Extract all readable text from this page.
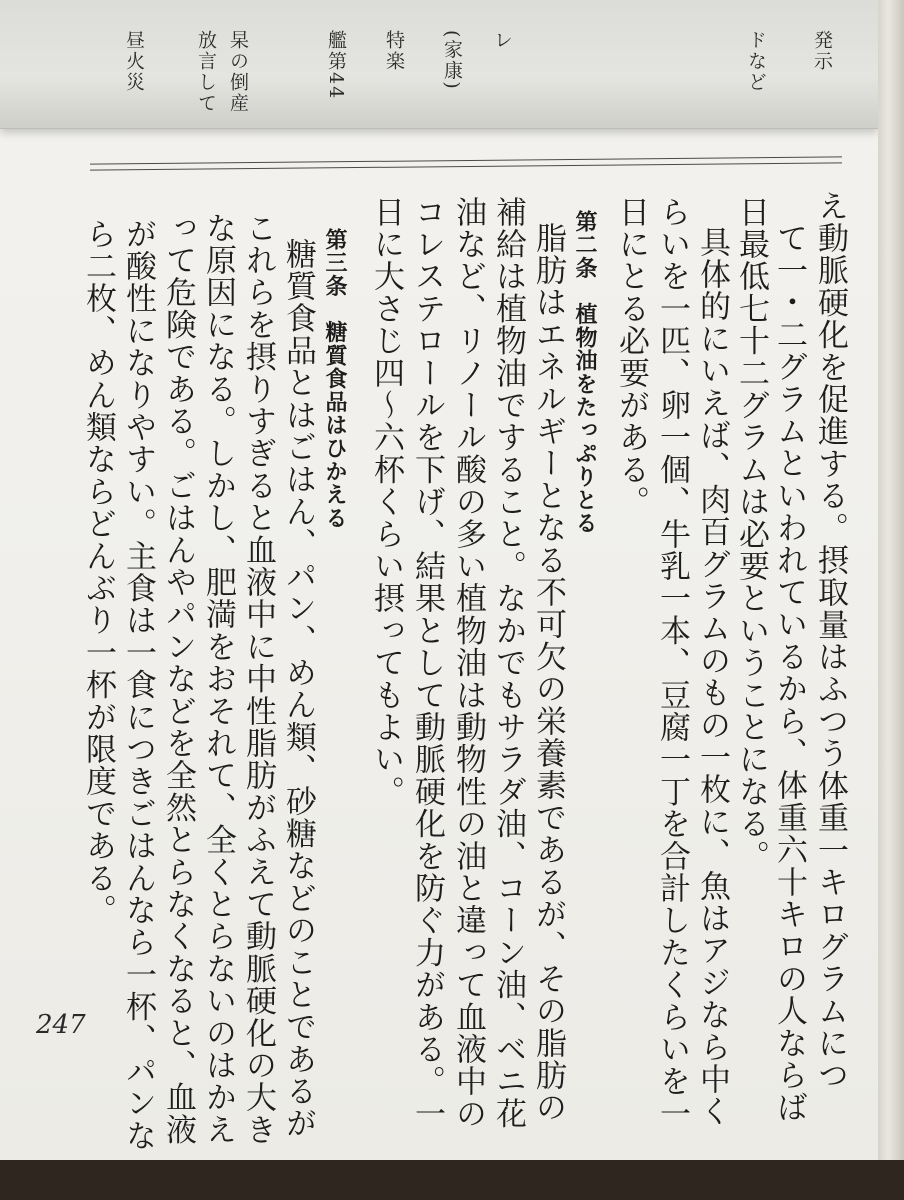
昼火災	放言して 杲の倒産	艦第44 特楽 (家康) レ	ドなど 発示
え動脈硬化を促進する。摂取量はふつう体重一キログラムにつ
て一・二グラムといわれているから、体重六十キロの人ならば
日最低七十二グラムは必要ということになる。
具体的にいえば、肉百グラムのもの一枚に、魚はアジなら中く
らいを一匹、卵一個、牛乳一本、豆腐一丁を合計したくらいを一
日にとる必要がある。
第二条　植物油をたっぷりとる
脂肪はエネルギーとなる不可欠の栄養素であるが、その脂肪の
補給は植物油ですること。なかでもサラダ油、コーン油、ベニ花
油など、リノール酸の多い植物油は動物性の油と違って血液中の
コレステロールを下げ、結果として動脈硬化を防ぐ力がある。一
日に大さじ四〜六杯くらい摂ってもよい。
第三条　糖質食品はひかえる
糖質食品とはごはん、パン、めん類、砂糖などのことであるが
これらを摂りすぎると血液中に中性脂肪がふえて動脈硬化の大き
な原因になる。しかし、肥満をおそれて、全くとらないのはかえ
って危険である。ごはんやパンなどを全然とらなくなると、血液
が酸性になりやすい。主食は一食につきごはんなら一杯、パンな
ら二枚、めん類ならどんぶり一杯が限度である。
247
